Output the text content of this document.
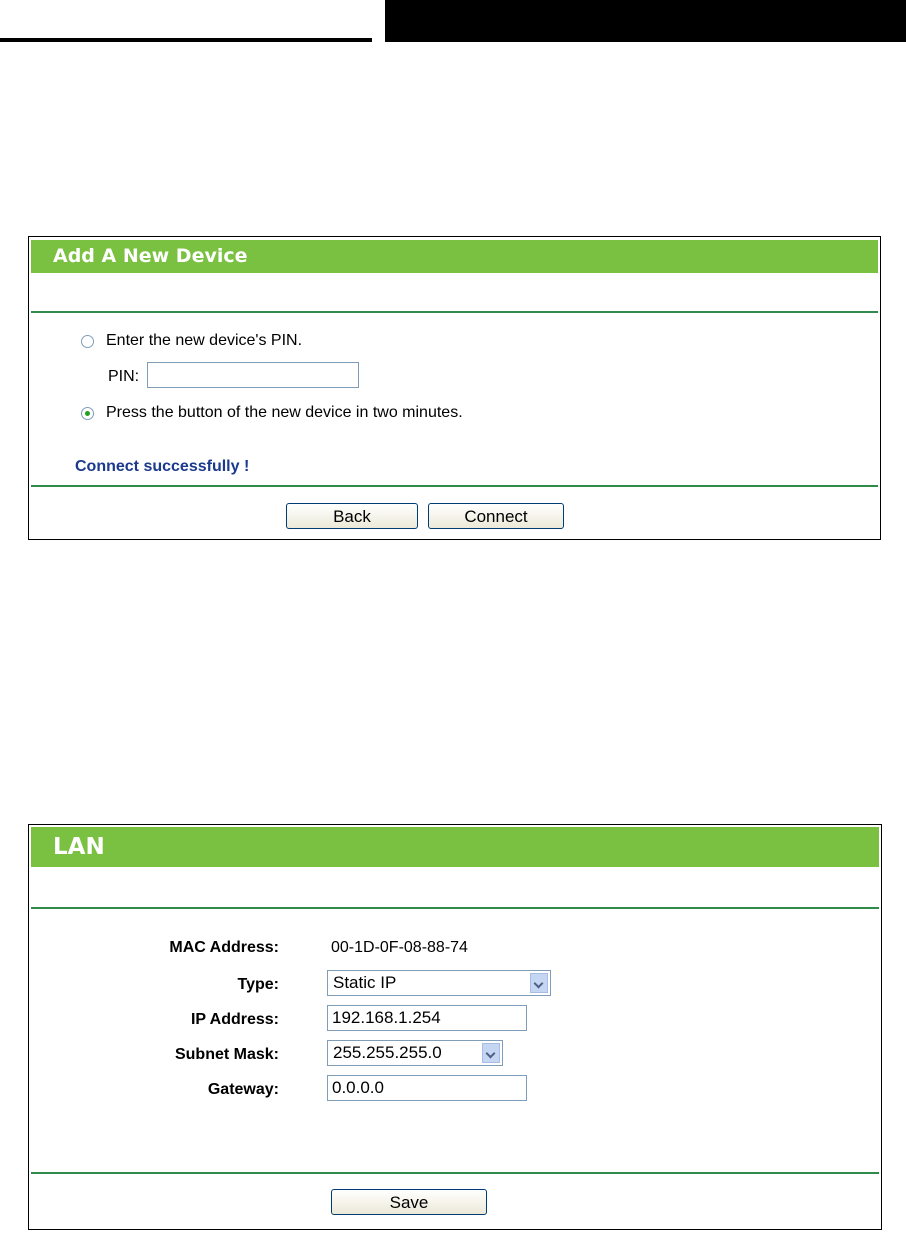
Add A New Device
Enter the new device's PIN.
PIN:
Press the button of the new device in two minutes.
Connect successfully !
Back	Connect
LAN
MAC Address:	00-1D-0F-08-88-74
Type:	Static IP
IP Address:
192.168.1.254
Subnet Mask:	255.255.255.0
Gateway:
0.0.0.0
Save
